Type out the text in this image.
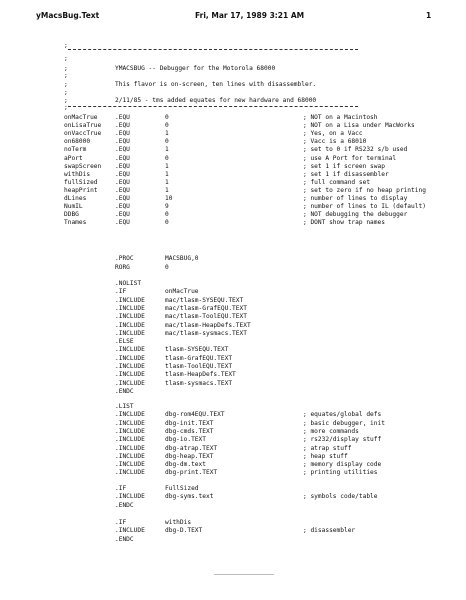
yMacsBug.Text	Fri, Mar 17, 1989 3:21 AM	1
;
;
;	YMACSBUG -- Debugger for the Motorola 68000
;
;	This flavor is on-screen, ten lines with disassembler.
;
;	2/11/85 - tms added equates for new hardware and 68000
;
onMacTrue	.EQU	0	; NOT on a Macintosh
onLisaTrue .EQU	0	; NOT on a Lisa under MacWorks
onVaccTrue .EQU	1	; Yes, on a Vacc
on68000	.EQU	0	; Vacc is a 68010
noTerm	.EQU	1	; set to 0 if RS232 s/b used
aPort	.EQU	0	; use A Port for terminal
swapScreen .EQU	1	; set 1 if screen swap
withDis	.EQU	1	; set 1 if disassembler
fullSized	.EQU	1	; full command set
heapPrint	.EQU	1	; set to zero if no heap printing
dLines	.EQU	10	; number of lines to display
NumIL	.EQU	9	; number of lines to IL (default)
DDBG	.EQU	0	; NOT debugging the debugger
Tnames	.EQU	0	; DONT show trap names
.PROC	MACSBUG,0
RORG	0
.NOLIST
.IF	onMacTrue
.INCLUDE	mac/tlasm-SYSEQU.TEXT
.INCLUDE	mac/tlasm-GrafEQU.TEXT
.INCLUDE	mac/tlasm-ToolEQU.TEXT
.INCLUDE	mac/tlasm-HeapDefs.TEXT
.INCLUDE	mac/tlasm-sysmacs.TEXT
.ELSE
.INCLUDE	tlasm-SYSEQU.TEXT
.INCLUDE	tlasm-GrafEQU.TEXT
.INCLUDE	tlasm-ToolEQU.TEXT
.INCLUDE	tlasm-HeapDefs.TEXT
.INCLUDE	tlasm-sysmacs.TEXT
.ENDC
.LIST
.INCLUDE	dbg-rom4EQU.TEXT	; equates/global defs
.INCLUDE	dbg-init.TEXT	; basic debugger, init
.INCLUDE	dbg-cmds.TEXT	; more commands
.INCLUDE	dbg-io.TEXT	; rs232/display stuff
.INCLUDE	dbg-atrap.TEXT	; atrap stuff
.INCLUDE	dbg-heap.TEXT	; heap stuff
.INCLUDE	dbg-dm.text	; memory display code
.INCLUDE	dbg-print.TEXT	; printing utilities
.IF	FullSized
.INCLUDE	dbg-syms.text	; symbols code/table
.ENDC
.IF	withDis
.INCLUDE	dbg-D.TEXT	; disassembler
.ENDC
